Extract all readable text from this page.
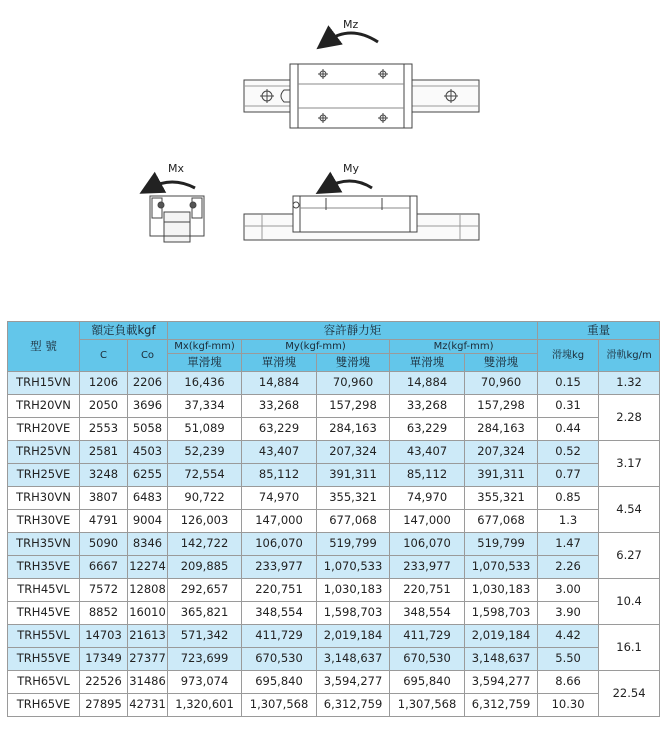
Mz
Mx	My
型 號	額定負載kgf		容許靜力矩					重量	
	C	Co	Mx(kgf-mm)	My(kgf-mm)		Mz(kgf-mm)		滑塊kg	滑軌kg/m
			單滑塊	單滑塊	雙滑塊	單滑塊	雙滑塊		
TRH15VN	1206	2206	16,436	14,884	70,960	14,884	70,960	0.15	1.32
TRH20VN	2050	3696	37,334	33,268	157,298	33,268	157,298	0.31	2.28
TRH20VE	2553	5058	51,089	63,229	284,163	63,229	284,163	0.44	
TRH25VN	2581	4503	52,239	43,407	207,324	43,407	207,324	0.52	3.17
TRH25VE	3248	6255	72,554	85,112	391,311	85,112	391,311	0.77	
TRH30VN	3807	6483	90,722	74,970	355,321	74,970	355,321	0.85	4.54
TRH30VE	4791	9004	126,003	147,000	677,068	147,000	677,068	1.3	
TRH35VN	5090	8346	142,722	106,070	519,799	106,070	519,799	1.47	6.27
TRH35VE	6667	12274	209,885	233,977	1,070,533	233,977	1,070,533	2.26	
TRH45VL	7572	12808	292,657	220,751	1,030,183	220,751	1,030,183	3.00	10.4
TRH45VE	8852	16010	365,821	348,554	1,598,703	348,554	1,598,703	3.90	
TRH55VL	14703	21613	571,342	411,729	2,019,184	411,729	2,019,184	4.42	16.1
TRH55VE	17349	27377	723,699	670,530	3,148,637	670,530	3,148,637	5.50	
TRH65VL	22526	31486	973,074	695,840	3,594,277	695,840	3,594,277	8.66	22.54
TRH65VE	27895	42731	1,320,601	1,307,568	6,312,759	1,307,568	6,312,759	10.30	
